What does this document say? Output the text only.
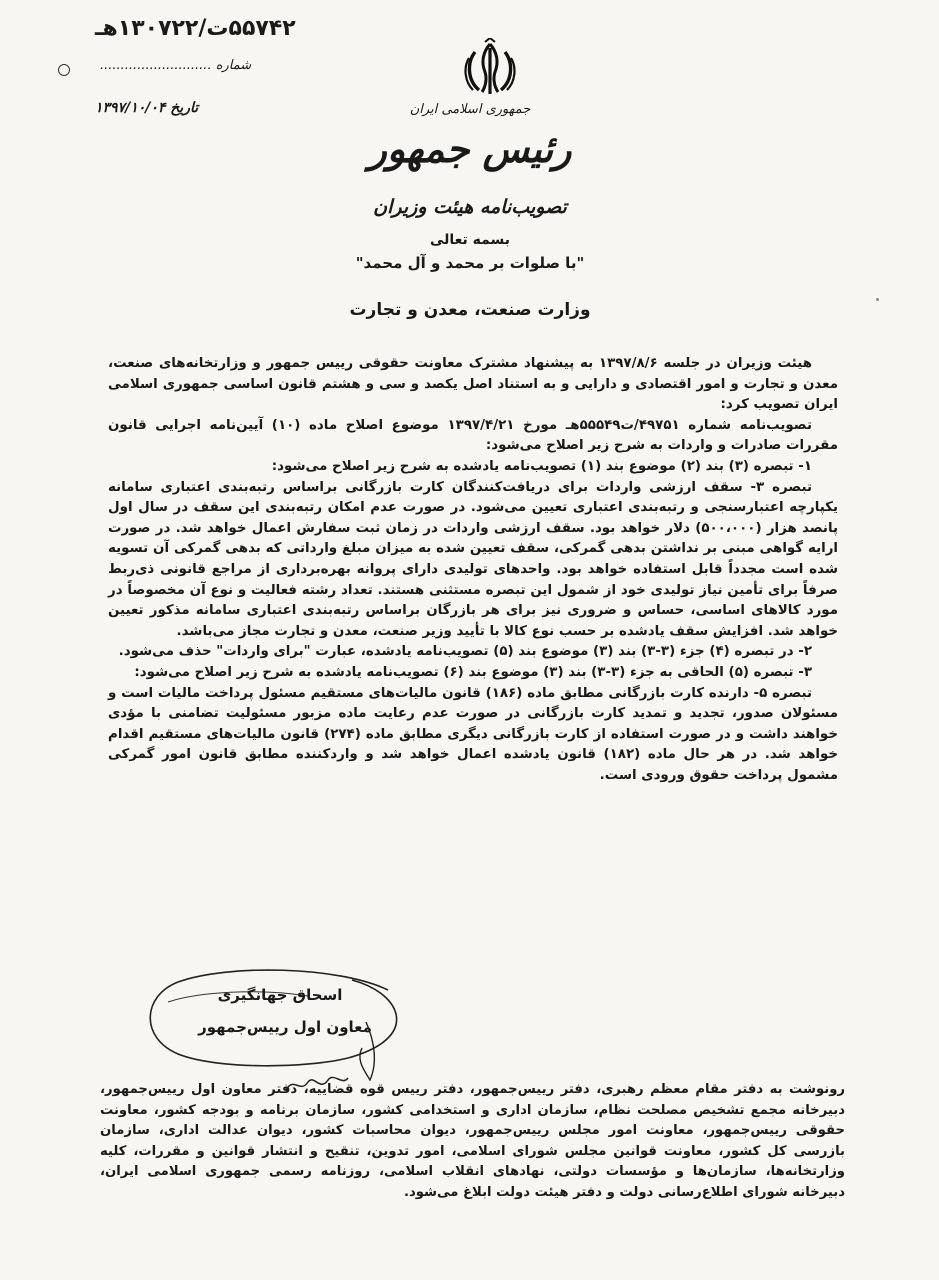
۵۵۷۴۲ت/۱۳۰۷۲۲هـ
شماره ...........................
تاریخ ۱۳۹۷/۱۰/۰۴	جمهوری اسلامی ایران
رئیس جمهور
تصویب‌نامه هیئت وزیران
بسمه تعالی
"با صلوات بر محمد و آل محمد"
وزارت صنعت، معدن و تجارت

هیئت وزیران در جلسه ۱۳۹۷/۸/۶ به پیشنهاد مشترک معاونت حقوقی رییس جمهور و وزارتخانه‌های صنعت، معدن و تجارت و امور اقتصادی و دارایی و به استناد اصل یکصد و سی و هشتم قانون اساسی جمهوری اسلامی ایران تصویب کرد:

تصویب‌نامه شماره ۴۹۷۵۱/ت۵۵۵۴۹هـ مورخ ۱۳۹۷/۴/۲۱ موضوع اصلاح ماده (۱۰) آیین‌نامه اجرایی قانون مقررات صادرات و واردات به شرح زیر اصلاح می‌شود:

۱- تبصره (۳) بند (۲) موضوع بند (۱) تصویب‌نامه یادشده به شرح زیر اصلاح می‌شود:

تبصره ۳- سقف ارزشی واردات برای دریافت‌کنندگان کارت بازرگانی براساس رتبه‌بندی اعتباری سامانه یکپارچه اعتبارسنجی و رتبه‌بندی اعتباری تعیین می‌شود. در صورت عدم امکان رتبه‌بندی این سقف در سال اول پانصد هزار (۵۰۰،۰۰۰) دلار خواهد بود. سقف ارزشی واردات در زمان ثبت سفارش اعمال خواهد شد. در صورت ارایه گواهی مبنی بر نداشتن بدهی گمرکی، سقف تعیین شده به میزان مبلغ وارداتی که بدهی گمرکی آن تسویه شده است مجدداً قابل استفاده خواهد بود. واحدهای تولیدی دارای پروانه بهره‌برداری از مراجع قانونی ذی‌ربط صرفاً برای تأمین نیاز تولیدی خود از شمول این تبصره مستثنی هستند. تعداد رشته فعالیت و نوع آن مخصوصاً در مورد کالاهای اساسی، حساس و ضروری نیز برای هر بازرگان براساس رتبه‌بندی اعتباری سامانه مذکور تعیین خواهد شد. افزایش سقف یادشده بر حسب نوع کالا با تأیید وزیر صنعت، معدن و تجارت مجاز می‌باشد.

۲- در تبصره (۴) جزء (۳-۳) بند (۳) موضوع بند (۵) تصویب‌نامه یادشده، عبارت "برای واردات" حذف می‌شود.

۳- تبصره (۵) الحاقی به جزء (۳-۳) بند (۳) موضوع بند (۶) تصویب‌نامه یادشده به شرح زیر اصلاح می‌شود:

تبصره ۵- دارنده کارت بازرگانی مطابق ماده (۱۸۶) قانون مالیات‌های مستقیم مسئول پرداخت مالیات است و مسئولان صدور، تجدید و تمدید کارت بازرگانی در صورت عدم رعایت ماده مزبور مسئولیت تضامنی با مؤدی خواهند داشت و در صورت استفاده از کارت بازرگانی دیگری مطابق ماده (۲۷۴) قانون مالیات‌های مستقیم اقدام خواهد شد. در هر حال ماده (۱۸۲) قانون یادشده اعمال خواهد شد و واردکننده مطابق قانون امور گمرکی مشمول پرداخت حقوق ورودی است.

اسحاق جهانگیری
معاون اول رییس‌جمهور

رونوشت به دفتر مقام معظم رهبری، دفتر رییس‌جمهور، دفتر رییس قوه قضاییه، دفتر معاون اول رییس‌جمهور، دبیرخانه مجمع تشخیص مصلحت نظام، سازمان اداری و استخدامی کشور، سازمان برنامه و بودجه کشور، معاونت حقوقی رییس‌جمهور، معاونت امور مجلس رییس‌جمهور، دیوان محاسبات کشور، دیوان عدالت اداری، سازمان بازرسی کل کشور، معاونت قوانین مجلس شورای اسلامی، امور تدوین، تنقیح و انتشار قوانین و مقررات، کلیه وزارتخانه‌ها، سازمان‌ها و مؤسسات دولتی، نهادهای انقلاب اسلامی، روزنامه رسمی جمهوری اسلامی ایران، دبیرخانه شورای اطلاع‌رسانی دولت و دفتر هیئت دولت ابلاغ می‌شود.
